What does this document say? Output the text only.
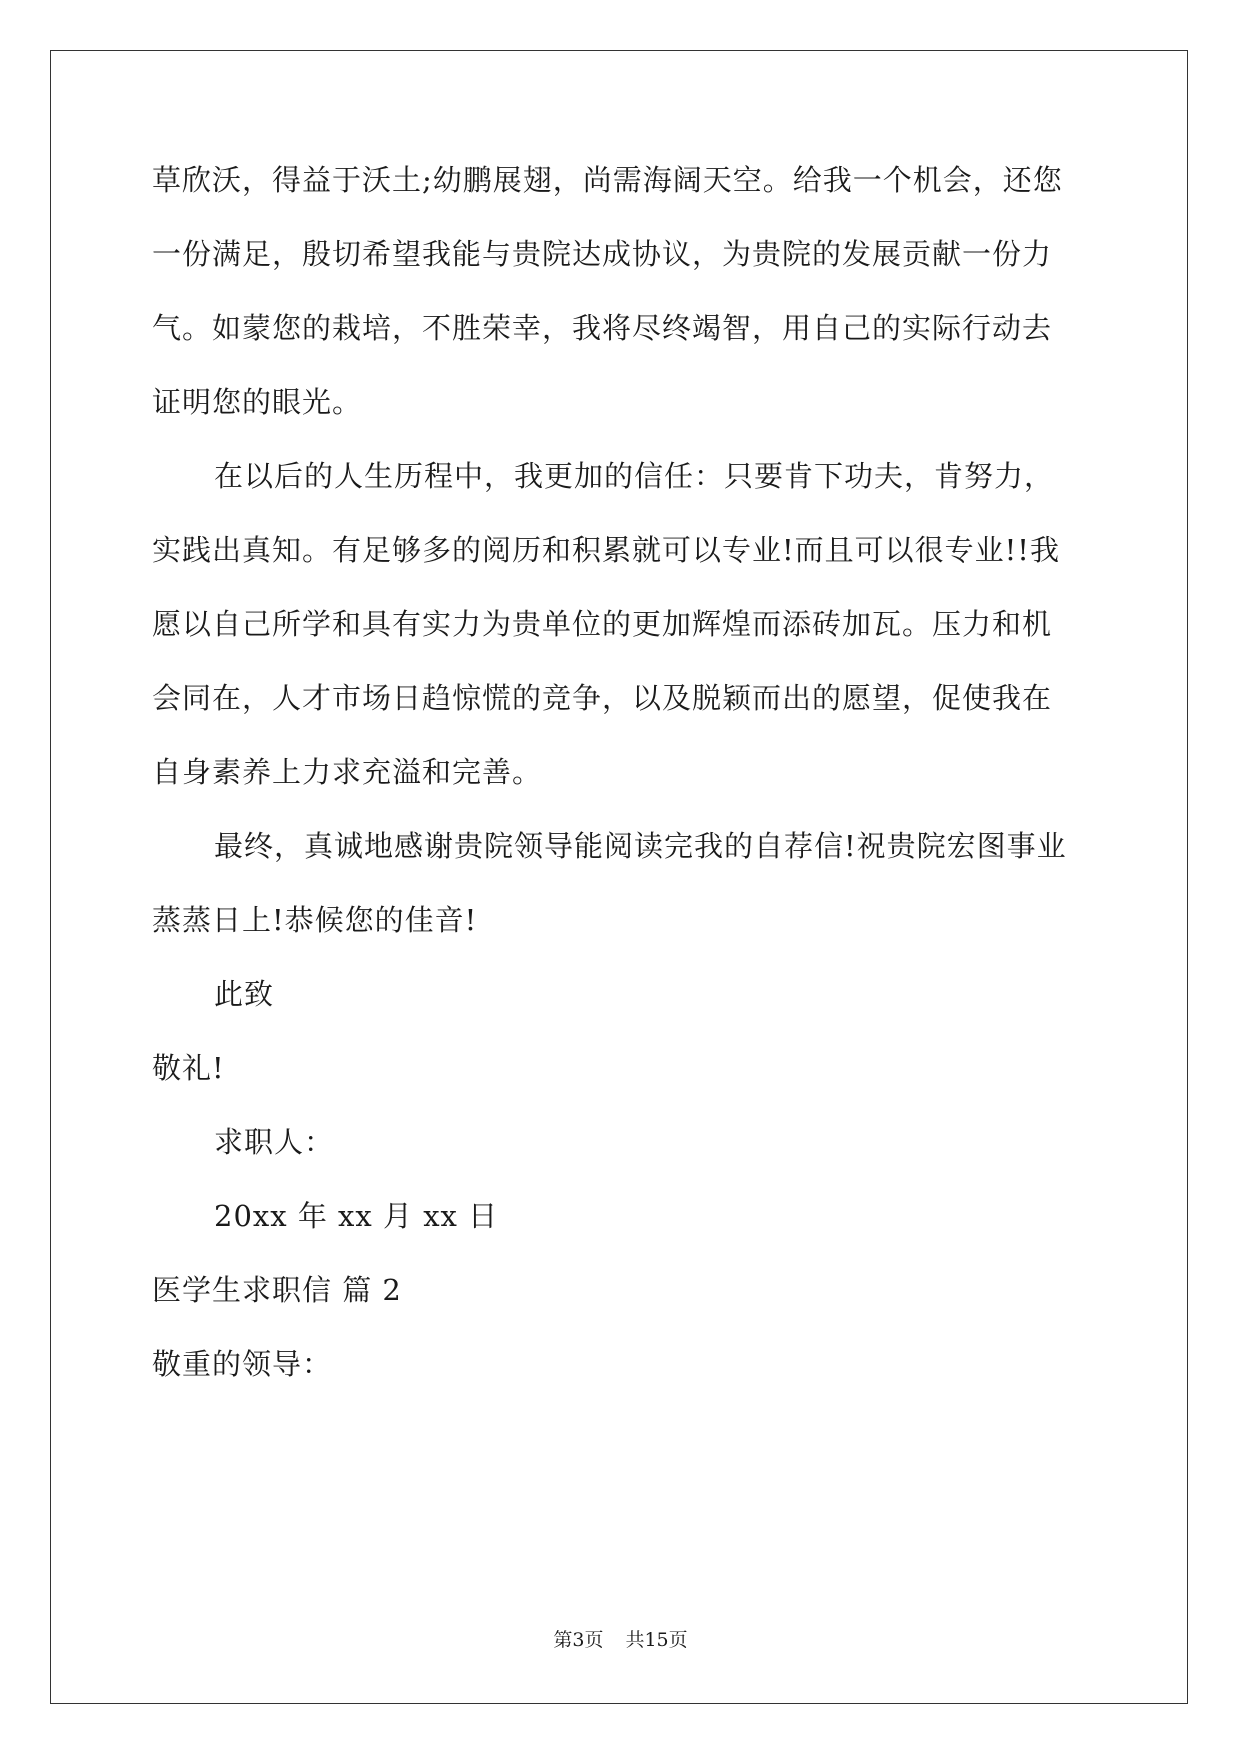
草欣沃，得益于沃土;幼鹏展翅，尚需海阔天空。给我一个机会，还您
一份满足，殷切希望我能与贵院达成协议，为贵院的发展贡献一份力
气。如蒙您的栽培，不胜荣幸，我将尽终竭智，用自己的实际行动去
证明您的眼光。
在以后的人生历程中，我更加的信任：只要肯下功夫，肯努力，
实践出真知。有足够多的阅历和积累就可以专业!而且可以很专业!!我
愿以自己所学和具有实力为贵单位的更加辉煌而添砖加瓦。压力和机
会同在，人才市场日趋惊慌的竞争，以及脱颖而出的愿望，促使我在
自身素养上力求充溢和完善。
最终，真诚地感谢贵院领导能阅读完我的自荐信!祝贵院宏图事业
蒸蒸日上!恭候您的佳音!
此致
敬礼!
求职人：
20xx 年 xx 月 xx 日
医学生求职信 篇 2
敬重的领导：
第3页 共15页
